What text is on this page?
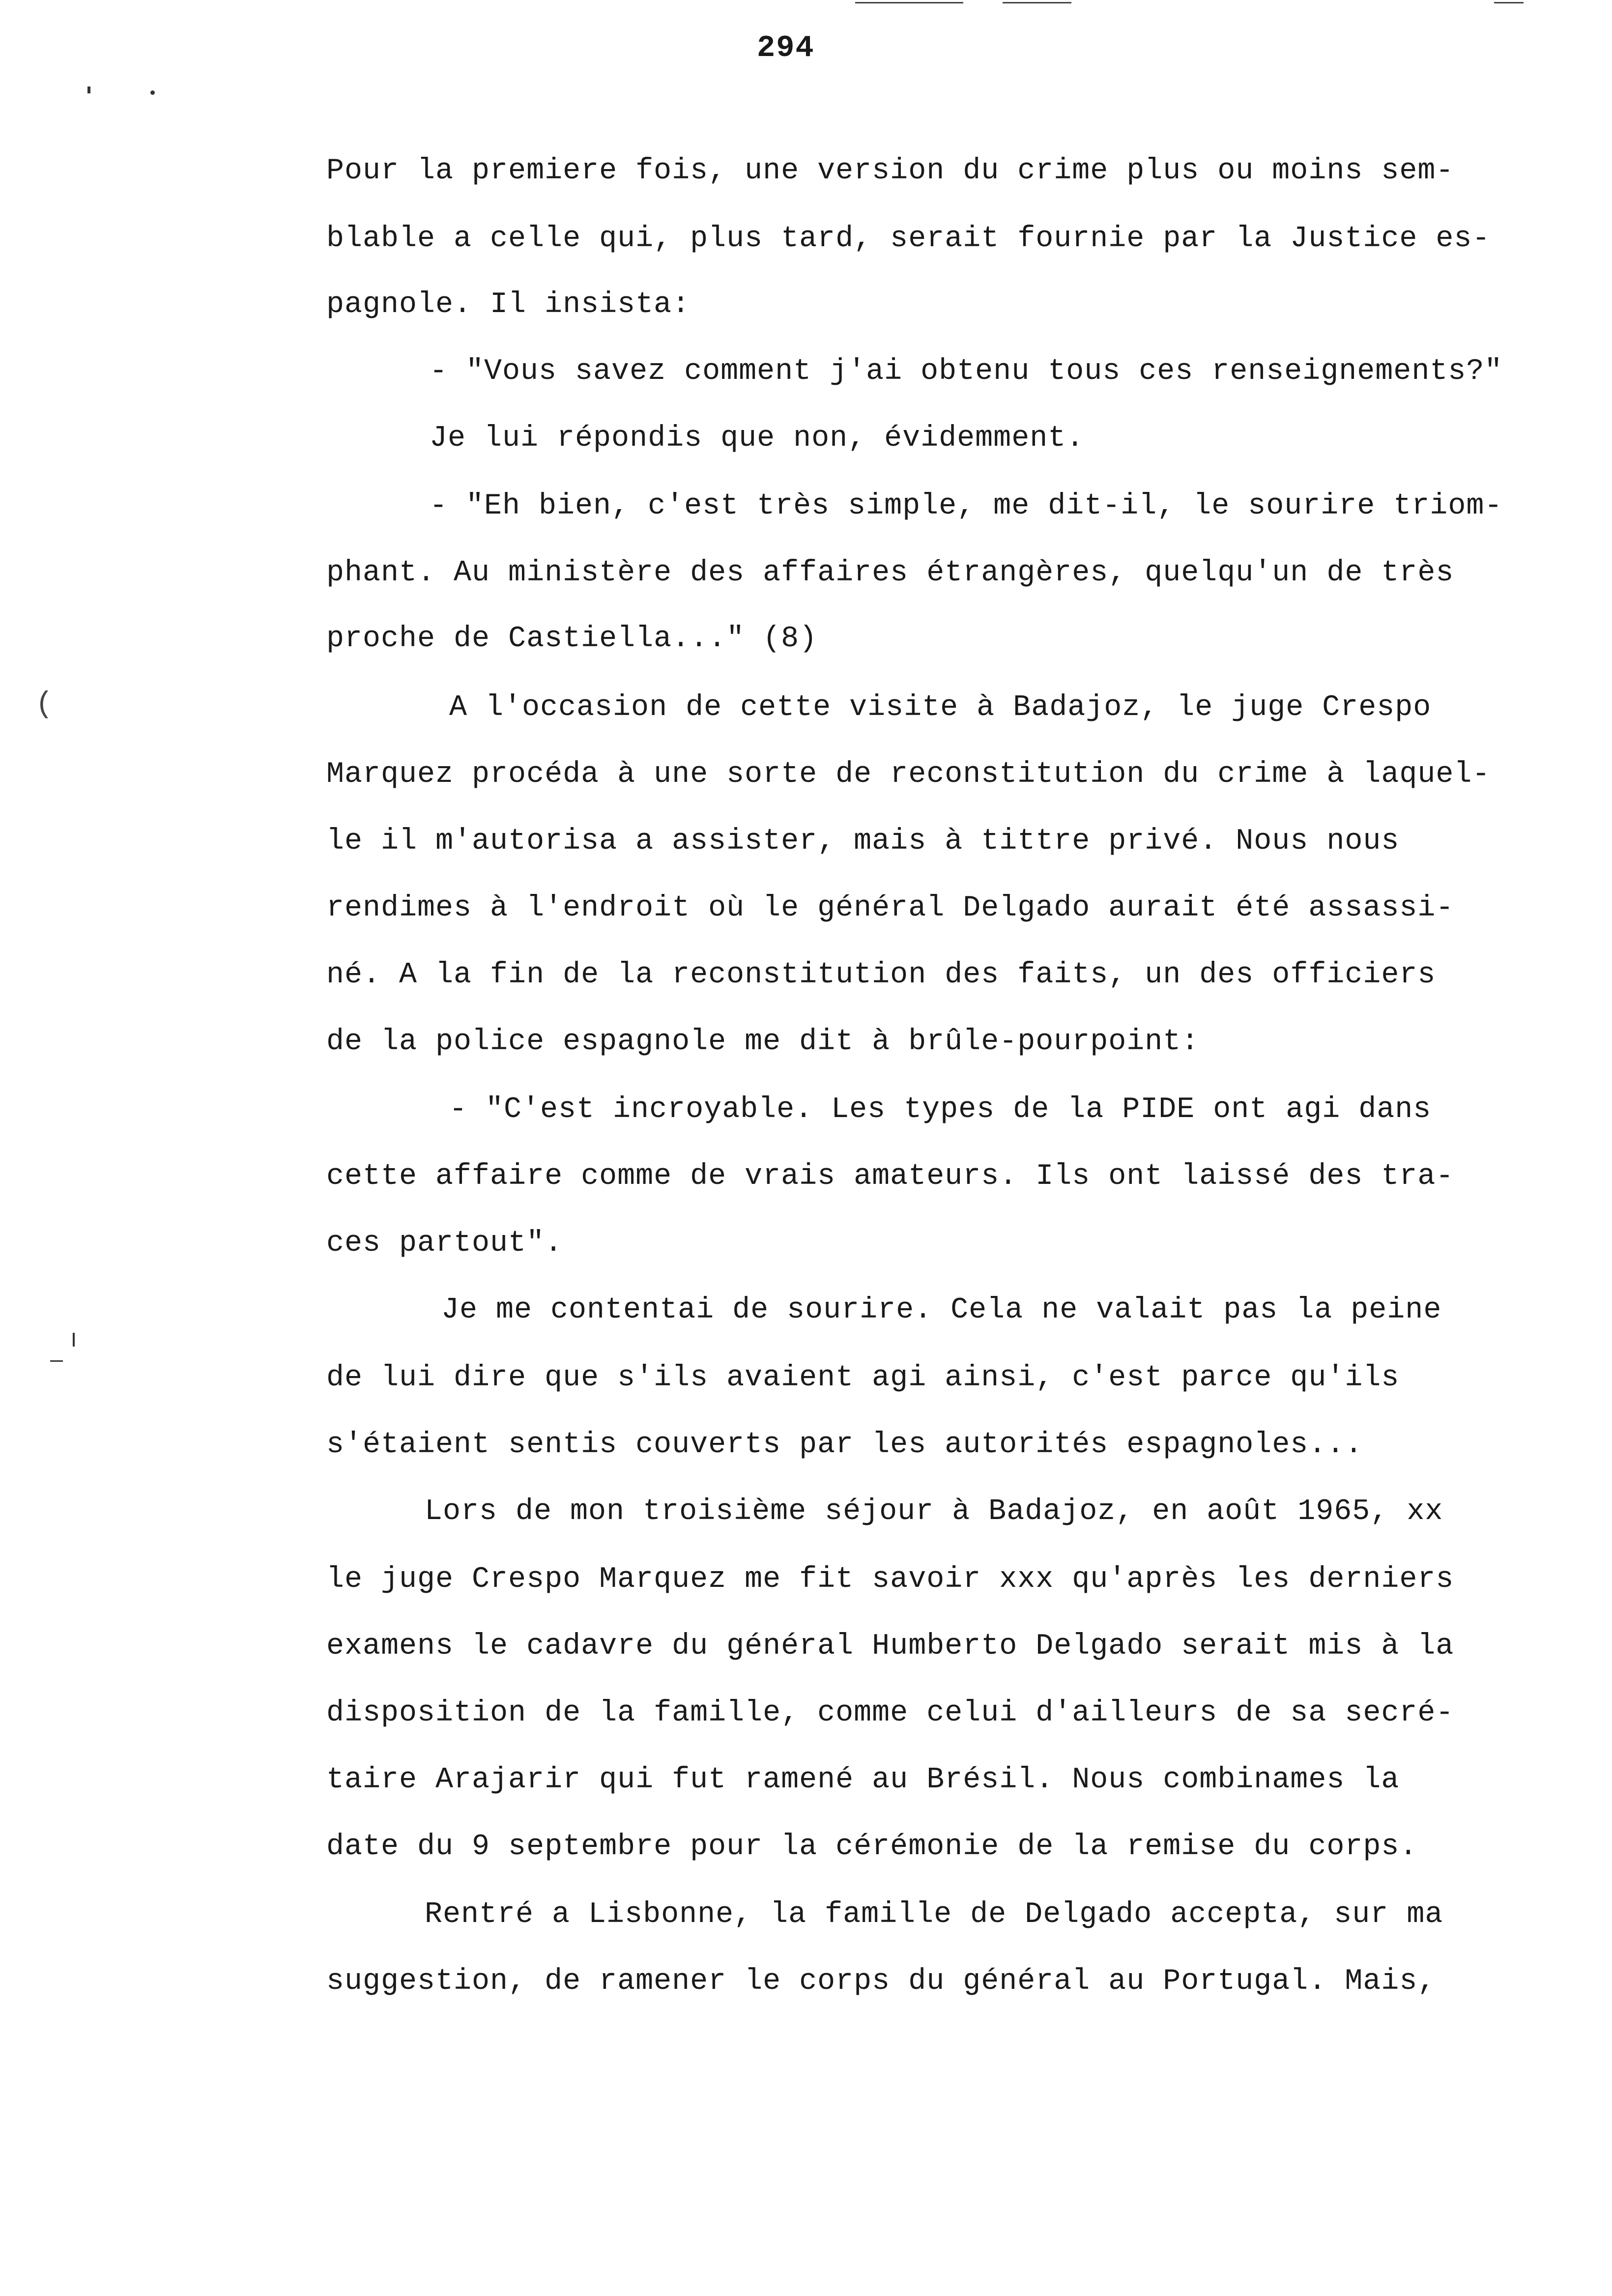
294
(
Pour la premiere fois, une version du crime plus ou moins sem-
blable a celle qui, plus tard, serait fournie par la Justice es-
pagnole. Il insista:
- "Vous savez comment j'ai obtenu tous ces renseignements?"
Je lui répondis que non, évidemment.
- "Eh bien, c'est très simple, me dit-il, le sourire triom-
phant. Au ministère des affaires étrangères, quelqu'un de très
proche de Castiella..." (8)
A l'occasion de cette visite à Badajoz, le juge Crespo
Marquez procéda à une sorte de reconstitution du crime à laquel-
le il m'autorisa a assister, mais à tittre privé. Nous nous
rendimes à l'endroit où le général Delgado aurait été assassi-
né. A la fin de la reconstitution des faits, un des officiers
de la police espagnole me dit à brûle-pourpoint:
- "C'est incroyable. Les types de la PIDE ont agi dans
cette affaire comme de vrais amateurs. Ils ont laissé des tra-
ces partout".
Je me contentai de sourire. Cela ne valait pas la peine
de lui dire que s'ils avaient agi ainsi, c'est parce qu'ils
s'étaient sentis couverts par les autorités espagnoles...
Lors de mon troisième séjour à Badajoz, en août 1965, xx
le juge Crespo Marquez me fit savoir xxx qu'après les derniers
examens le cadavre du général Humberto Delgado serait mis à la
disposition de la famille, comme celui d'ailleurs de sa secré-
taire Arajarir qui fut ramené au Brésil. Nous combinames la
date du 9 septembre pour la cérémonie de la remise du corps.
Rentré a Lisbonne, la famille de Delgado accepta, sur ma
suggestion, de ramener le corps du général au Portugal. Mais,
